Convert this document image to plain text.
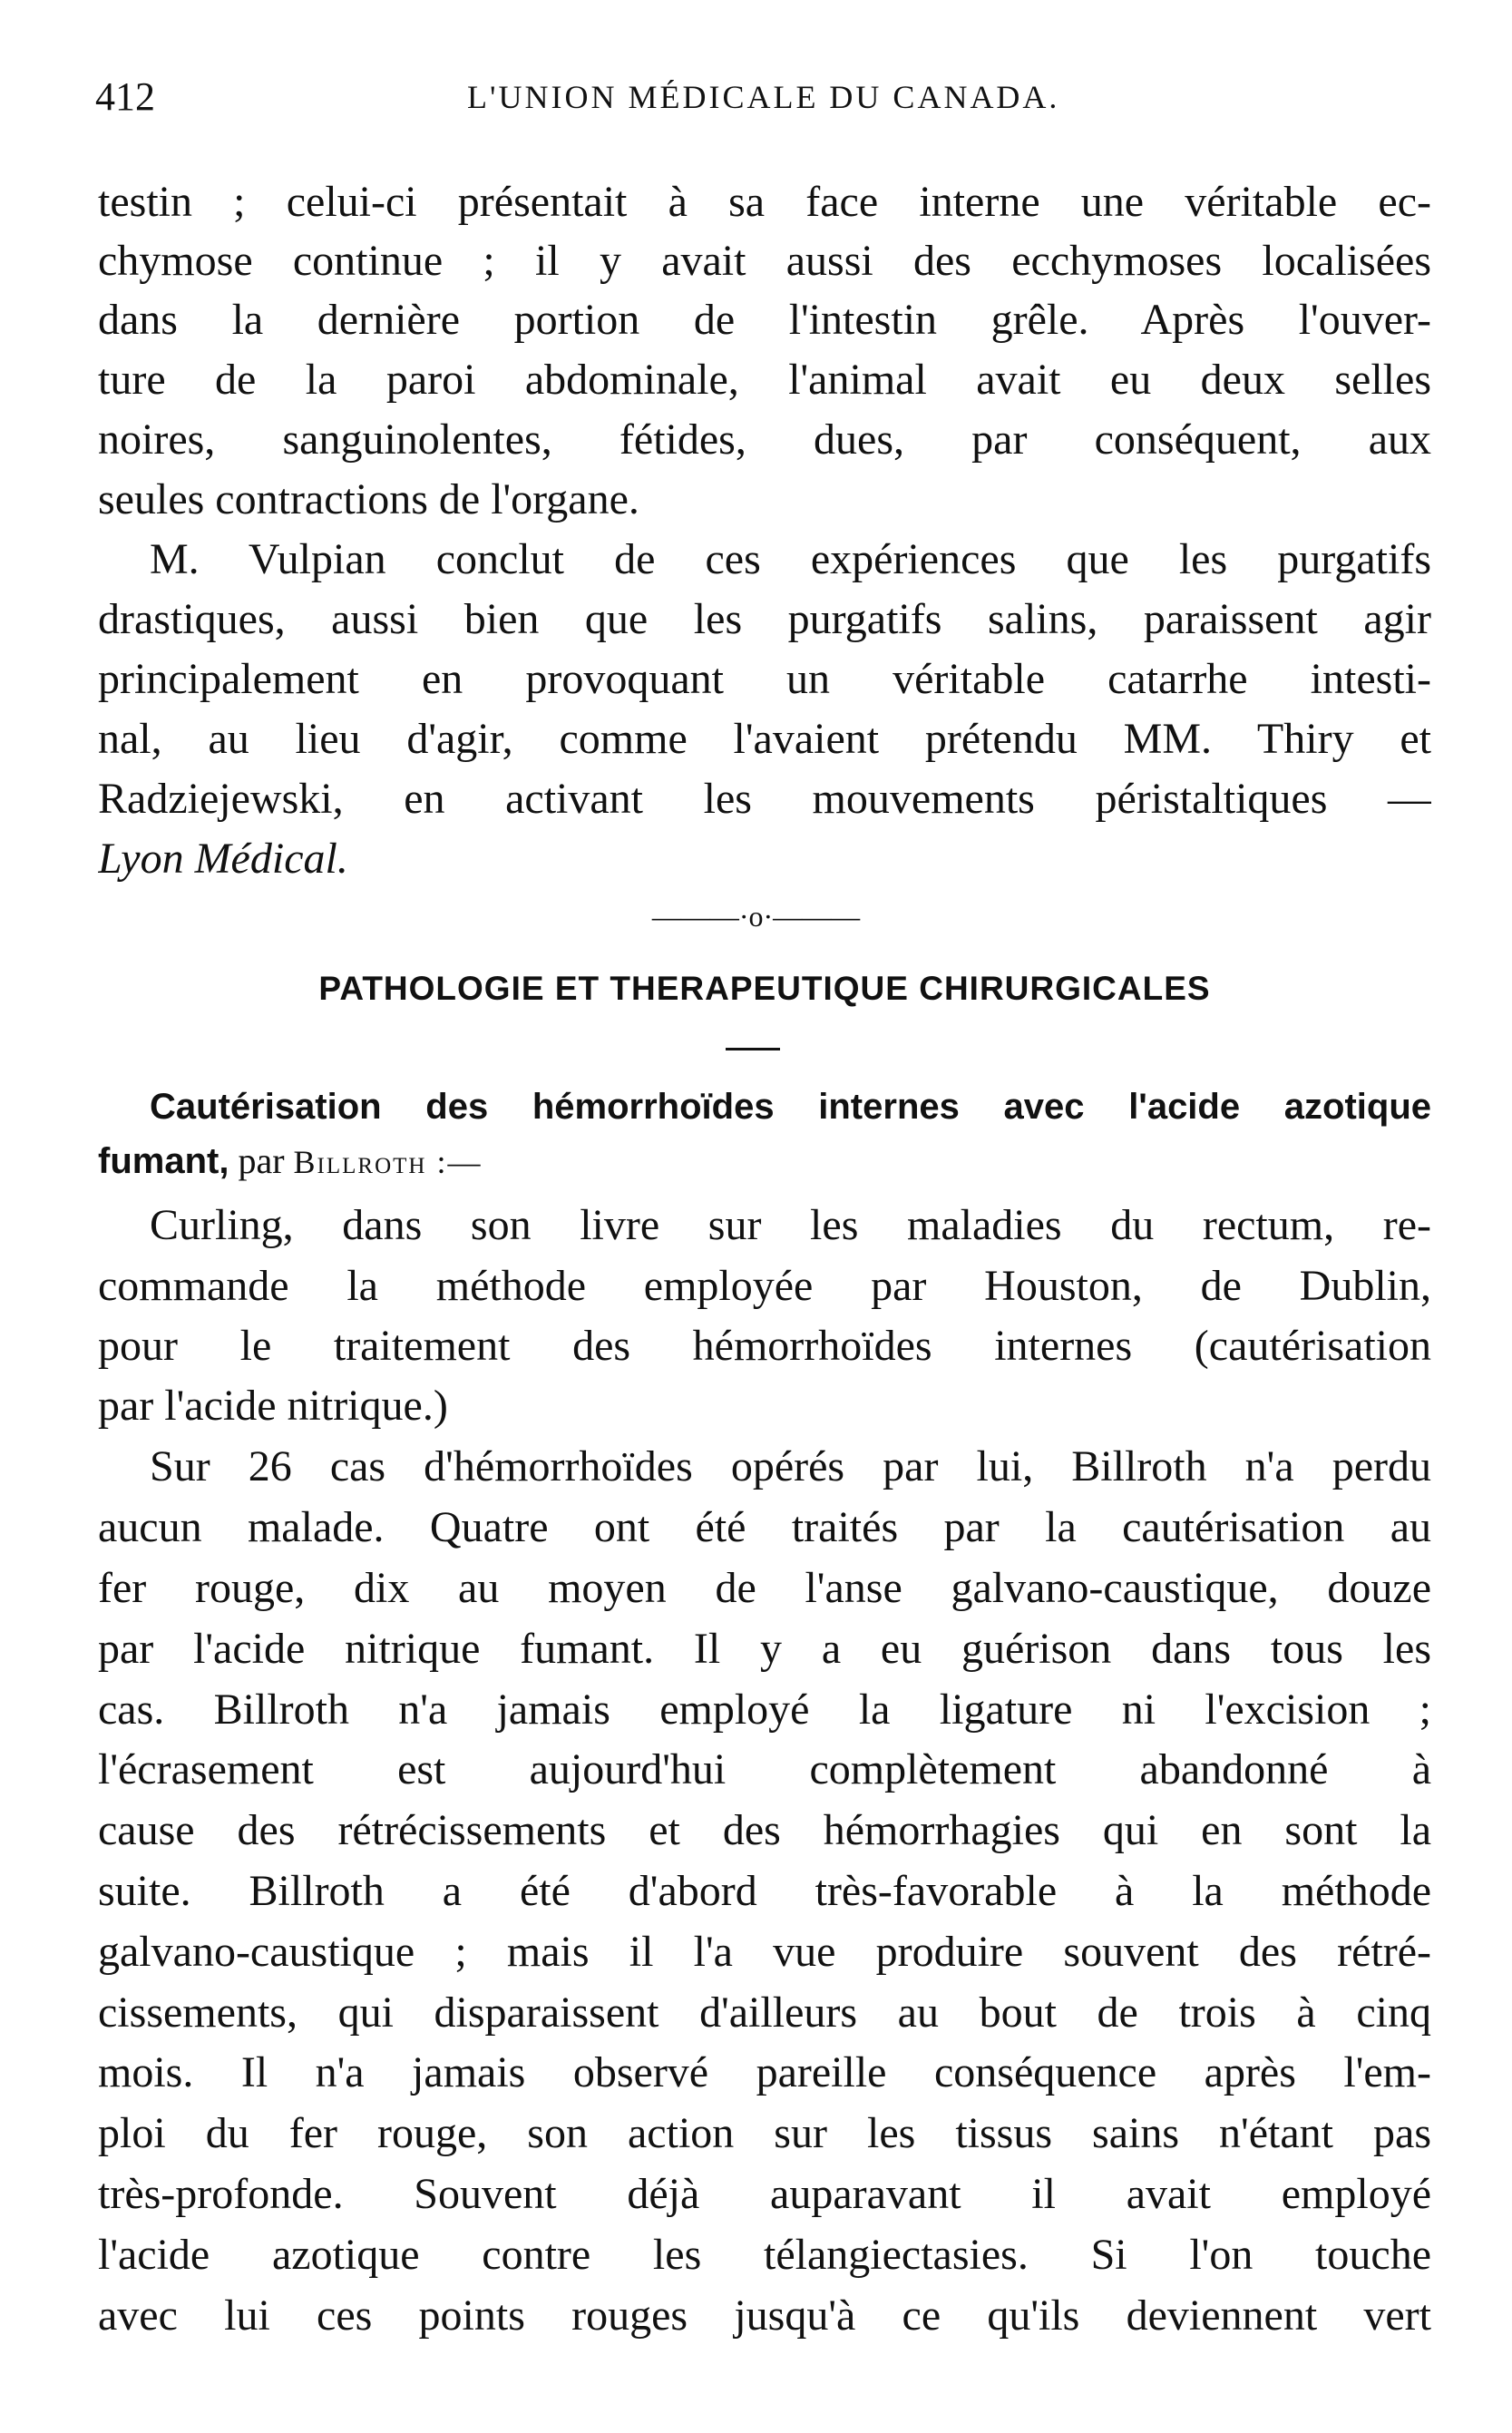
412	L'UNION MÉDICALE DU CANADA.
testin ; celui-ci présentait à sa face interne une véritable ec-
chymose continue ; il y avait aussi des ecchymoses localisées
dans la dernière portion de l'intestin grêle. Après l'ouver-
ture de la paroi abdominale, l'animal avait eu deux selles
noires, sanguinolentes, fétides, dues, par conséquent, aux
seules contractions de l'organe.
M. Vulpian conclut de ces expériences que les purgatifs
drastiques, aussi bien que les purgatifs salins, paraissent agir
principalement en provoquant un véritable catarrhe intesti-
nal, au lieu d'agir, comme l'avaient prétendu MM. Thiry et
Radziejewski, en activant les mouvements péristaltiques —
Lyon Médical.
———·o·———
PATHOLOGIE ET THERAPEUTIQUE CHIRURGICALES
Cautérisation des hémorrhoïdes internes avec l'acide azotique
fumant, par Billroth :—
Curling, dans son livre sur les maladies du rectum, re-
commande la méthode employée par Houston, de Dublin,
pour le traitement des hémorrhoïdes internes (cautérisation
par l'acide nitrique.)
Sur 26 cas d'hémorrhoïdes opérés par lui, Billroth n'a perdu
aucun malade. Quatre ont été traités par la cautérisation au
fer rouge, dix au moyen de l'anse galvano-caustique, douze
par l'acide nitrique fumant. Il y a eu guérison dans tous les
cas. Billroth n'a jamais employé la ligature ni l'excision ;
l'écrasement est aujourd'hui complètement abandonné à
cause des rétrécissements et des hémorrhagies qui en sont la
suite. Billroth a été d'abord très-favorable à la méthode
galvano-caustique ; mais il l'a vue produire souvent des rétré-
cissements, qui disparaissent d'ailleurs au bout de trois à cinq
mois. Il n'a jamais observé pareille conséquence après l'em-
ploi du fer rouge, son action sur les tissus sains n'étant pas
très-profonde. Souvent déjà auparavant il avait employé
l'acide azotique contre les télangiectasies. Si l'on touche
avec lui ces points rouges jusqu'à ce qu'ils deviennent vert
